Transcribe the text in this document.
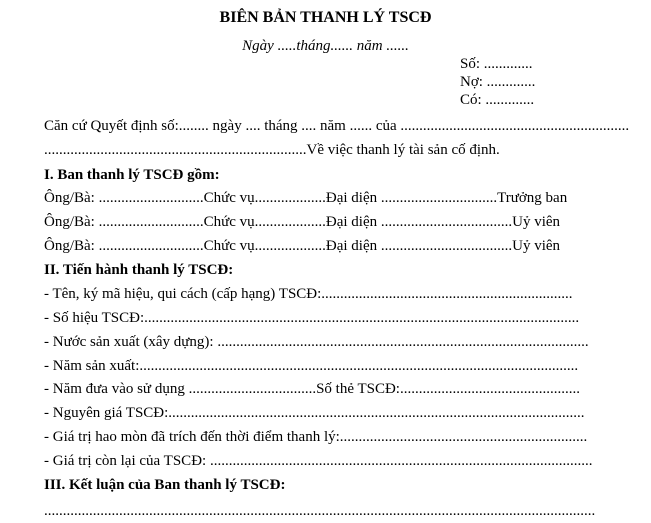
BIÊN BẢN THANH LÝ TSCĐ
Ngày .....tháng...... năm ......
Số: .............
Nợ: .............
Có: .............
Căn cứ Quyết định số:........ ngày .... tháng .... năm ...... của .............................................................
......................................................................Về việc thanh lý tài sản cố định.
I. Ban thanh lý TSCĐ gồm:
Ông/Bà: ............................Chức vụ...................Đại diện ...............................Trưởng ban
Ông/Bà: ............................Chức vụ...................Đại diện ...................................Uỷ viên
Ông/Bà: ............................Chức vụ...................Đại diện ...................................Uỷ viên
II. Tiến hành thanh lý TSCĐ:
- Tên, ký mã hiệu, qui cách (cấp hạng) TSCĐ:...................................................................
- Số hiệu TSCĐ:....................................................................................................................
- Nước sản xuất (xây dựng): ...................................................................................................
- Năm sản xuất:.....................................................................................................................
- Năm đưa vào sử dụng ..................................Số thẻ TSCĐ:................................................
- Nguyên giá TSCĐ:...............................................................................................................
- Giá trị hao mòn đã trích đến thời điểm thanh lý:..................................................................
- Giá trị còn lại của TSCĐ: ......................................................................................................
III. Kết luận của Ban thanh lý TSCĐ:
...................................................................................................................................................
